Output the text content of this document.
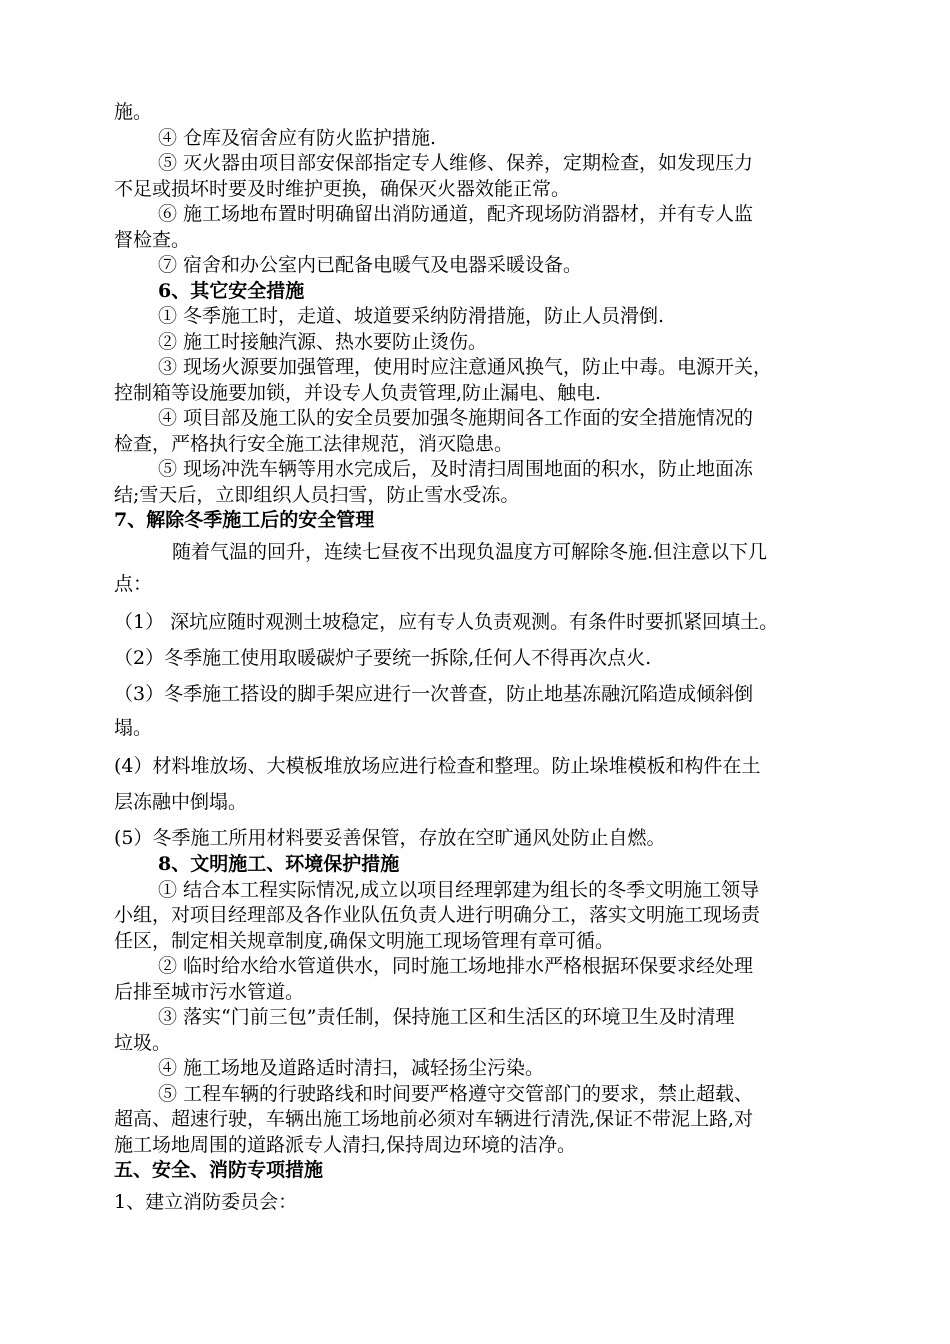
施。
④ 仓库及宿舍应有防火监护措施.
⑤ 灭火器由项目部安保部指定专人维修、保养，定期检查，如发现压力
不足或损坏时要及时维护更换，确保灭火器效能正常。
⑥ 施工场地布置时明确留出消防通道，配齐现场防消器材，并有专人监
督检查。
⑦ 宿舍和办公室内已配备电暖气及电器采暖设备。
6、其它安全措施
① 冬季施工时，走道、坡道要采纳防滑措施，防止人员滑倒.
② 施工时接触汽源、热水要防止烫伤。
③ 现场火源要加强管理，使用时应注意通风换气，防止中毒。电源开关，
控制箱等设施要加锁，并设专人负责管理,防止漏电、触电.
④ 项目部及施工队的安全员要加强冬施期间各工作面的安全措施情况的
检查，严格执行安全施工法律规范，消灭隐患。
⑤ 现场冲洗车辆等用水完成后，及时清扫周围地面的积水，防止地面冻
结;雪天后，立即组织人员扫雪，防止雪水受冻。
7、解除冬季施工后的安全管理
随着气温的回升，连续七昼夜不出现负温度方可解除冬施.但注意以下几
点：
（1） 深坑应随时观测土坡稳定，应有专人负责观测。有条件时要抓紧回填土。
（2）冬季施工使用取暖碳炉子要统一拆除,任何人不得再次点火.
（3）冬季施工搭设的脚手架应进行一次普查，防止地基冻融沉陷造成倾斜倒
塌。
(4）材料堆放场、大模板堆放场应进行检查和整理。防止垛堆模板和构件在土
层冻融中倒塌。
(5）冬季施工所用材料要妥善保管，存放在空旷通风处防止自燃。
8、文明施工、环境保护措施
① 结合本工程实际情况,成立以项目经理郭建为组长的冬季文明施工领导
小组，对项目经理部及各作业队伍负责人进行明确分工，落实文明施工现场责
任区，制定相关规章制度,确保文明施工现场管理有章可循。
② 临时给水给水管道供水，同时施工场地排水严格根据环保要求经处理
后排至城市污水管道。
③ 落实“门前三包”责任制，保持施工区和生活区的环境卫生及时清理
垃圾。
④ 施工场地及道路适时清扫，减轻扬尘污染。
⑤ 工程车辆的行驶路线和时间要严格遵守交管部门的要求，禁止超载、
超高、超速行驶，车辆出施工场地前必须对车辆进行清洗,保证不带泥上路,对
施工场地周围的道路派专人清扫,保持周边环境的洁净。
五、安全、消防专项措施
1、建立消防委员会：
